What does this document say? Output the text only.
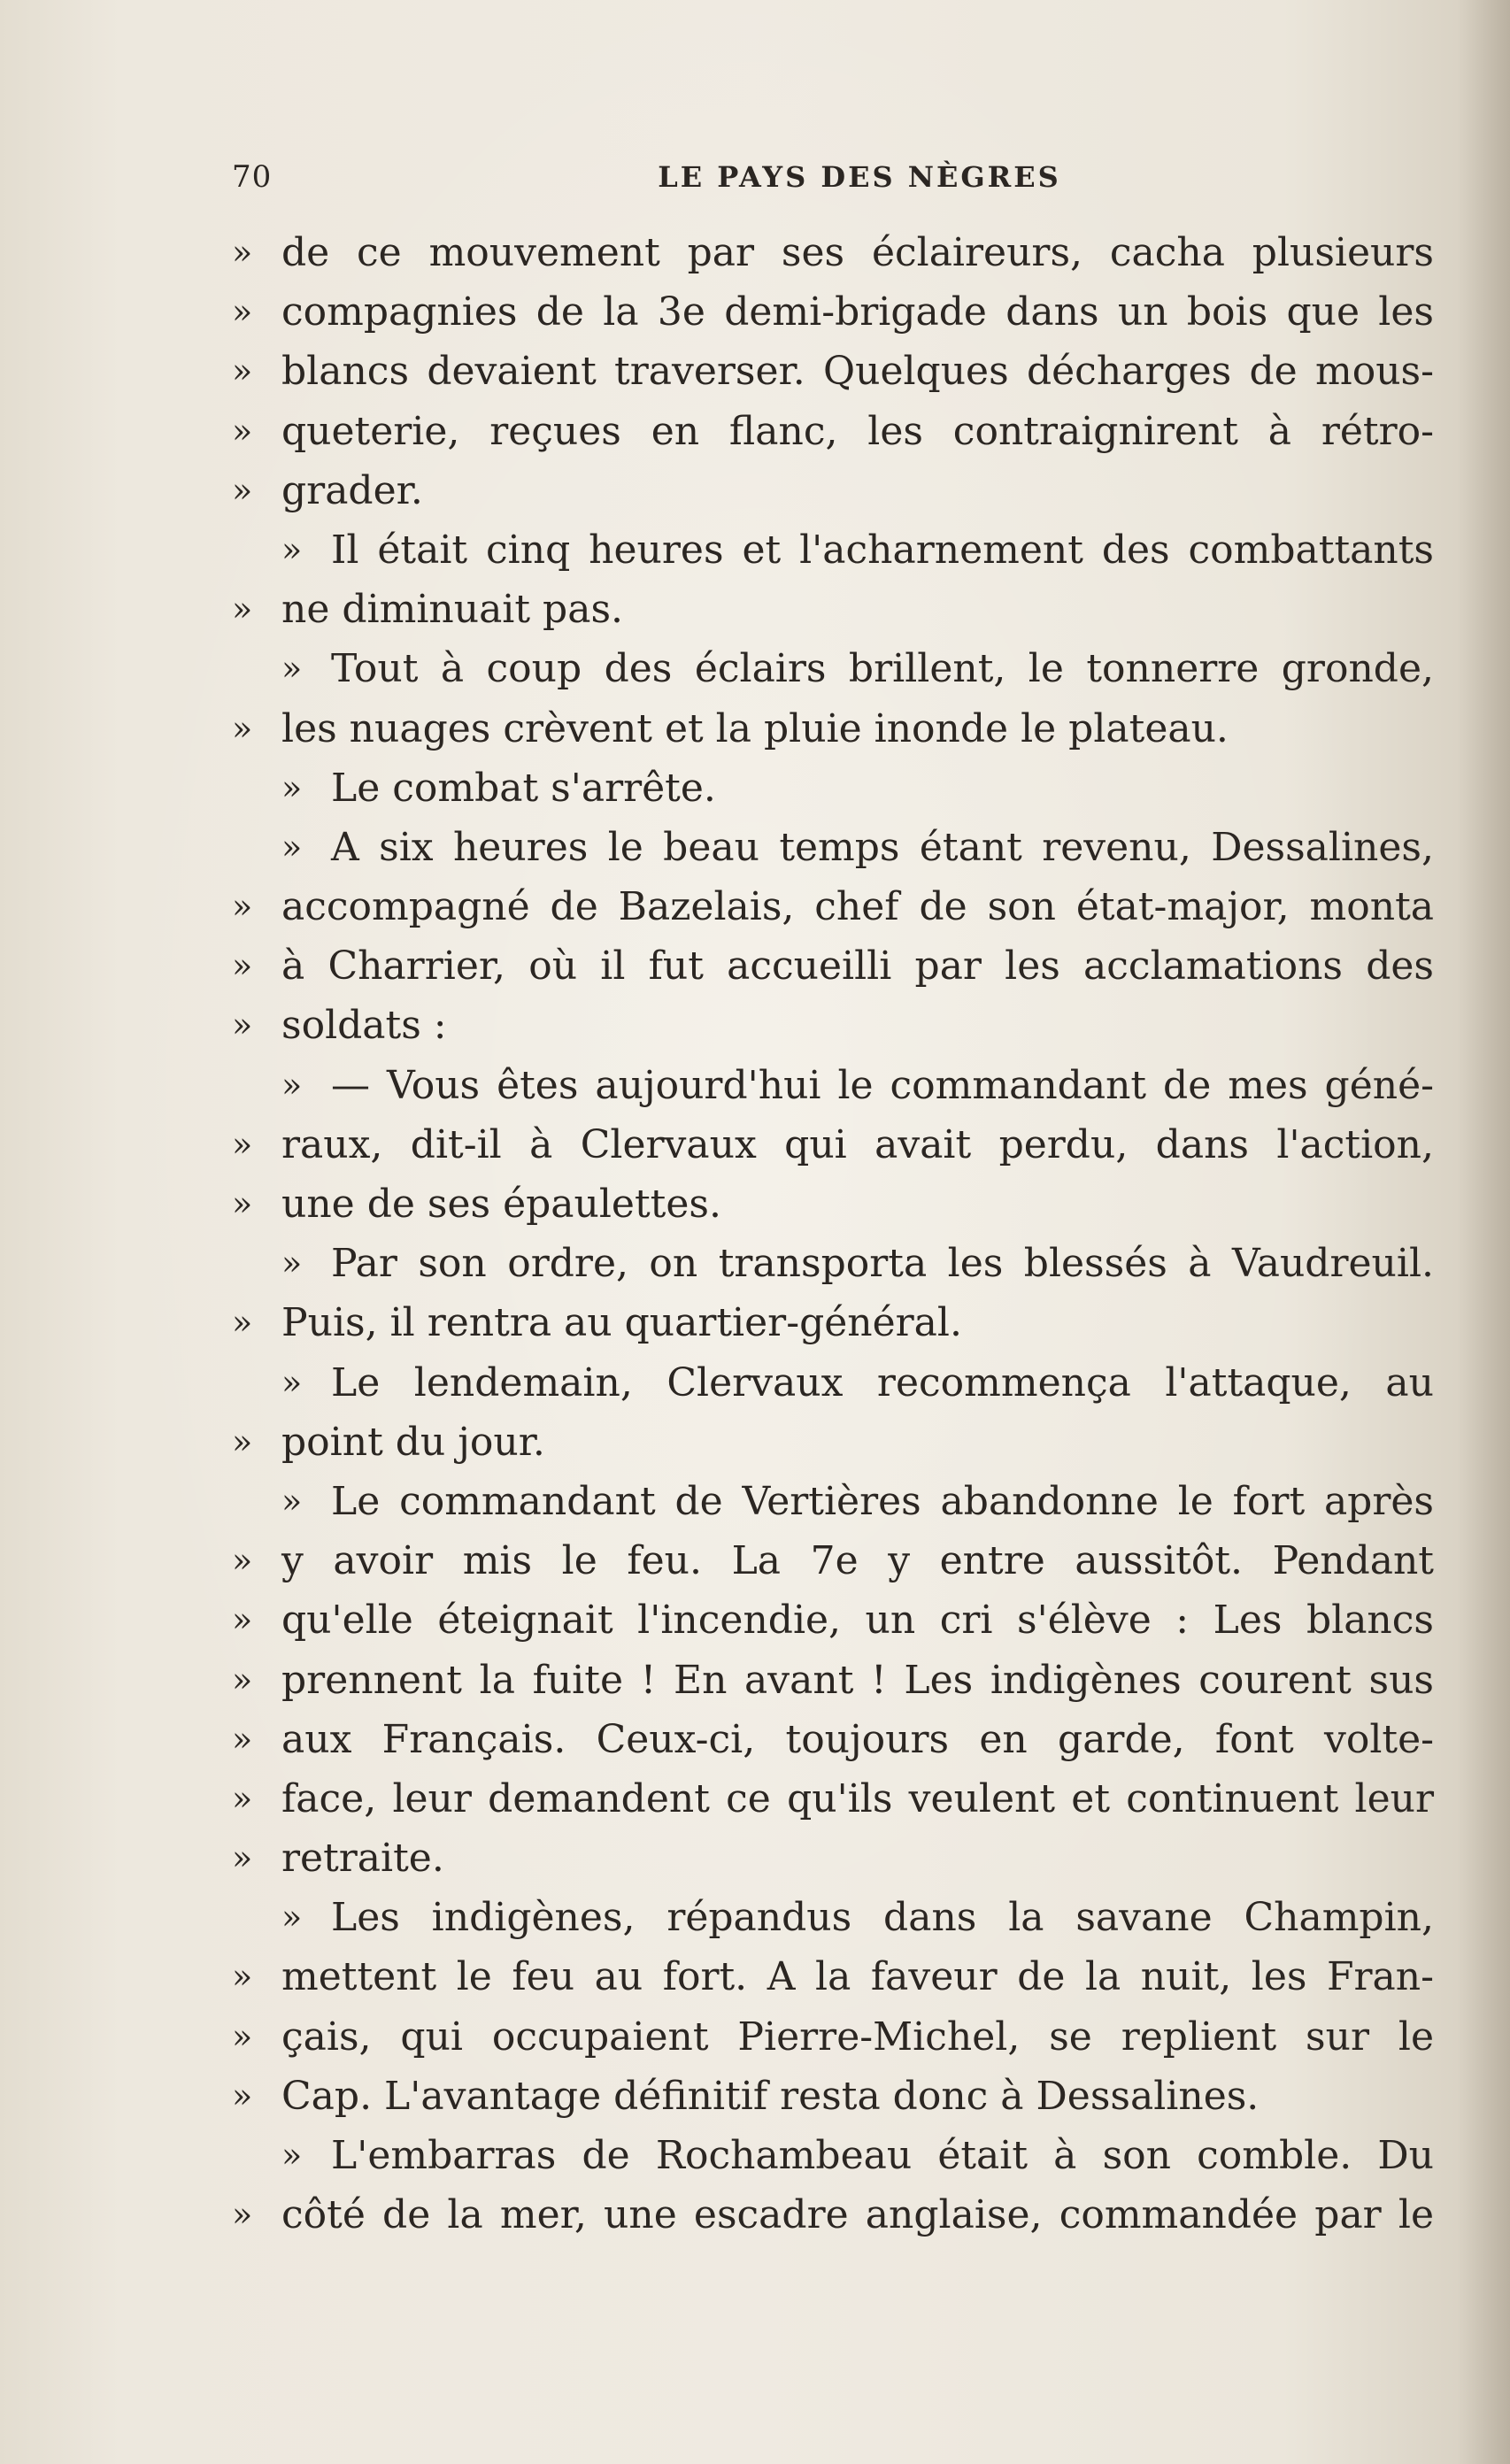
70	LE PAYS DES NÈGRES
» de ce mouvement par ses éclaireurs, cacha plusieurs
» compagnies de la 3e demi-brigade dans un bois que les
» blancs devaient traverser. Quelques décharges de mous-
» queterie, reçues en flanc, les contraignirent à rétro-
» grader.
» Il était cinq heures et l'acharnement des combattants
» ne diminuait pas.
» Tout à coup des éclairs brillent, le tonnerre gronde,
» les nuages crèvent et la pluie inonde le plateau.
» Le combat s'arrête.
» A six heures le beau temps étant revenu, Dessalines,
» accompagné de Bazelais, chef de son état-major, monta
» à Charrier, où il fut accueilli par les acclamations des
» soldats :
» — Vous êtes aujourd'hui le commandant de mes géné-
» raux, dit-il à Clervaux qui avait perdu, dans l'action,
» une de ses épaulettes.
» Par son ordre, on transporta les blessés à Vaudreuil.
» Puis, il rentra au quartier-général.
» Le lendemain, Clervaux recommença l'attaque, au
» point du jour.
» Le commandant de Vertières abandonne le fort après
» y avoir mis le feu. La 7e y entre aussitôt. Pendant
» qu'elle éteignait l'incendie, un cri s'élève : Les blancs
» prennent la fuite ! En avant ! Les indigènes courent sus
» aux Français. Ceux-ci, toujours en garde, font volte-
» face, leur demandent ce qu'ils veulent et continuent leur
» retraite.
» Les indigènes, répandus dans la savane Champin,
» mettent le feu au fort. A la faveur de la nuit, les Fran-
» çais, qui occupaient Pierre-Michel, se replient sur le
» Cap. L'avantage définitif resta donc à Dessalines.
» L'embarras de Rochambeau était à son comble. Du
» côté de la mer, une escadre anglaise, commandée par le
